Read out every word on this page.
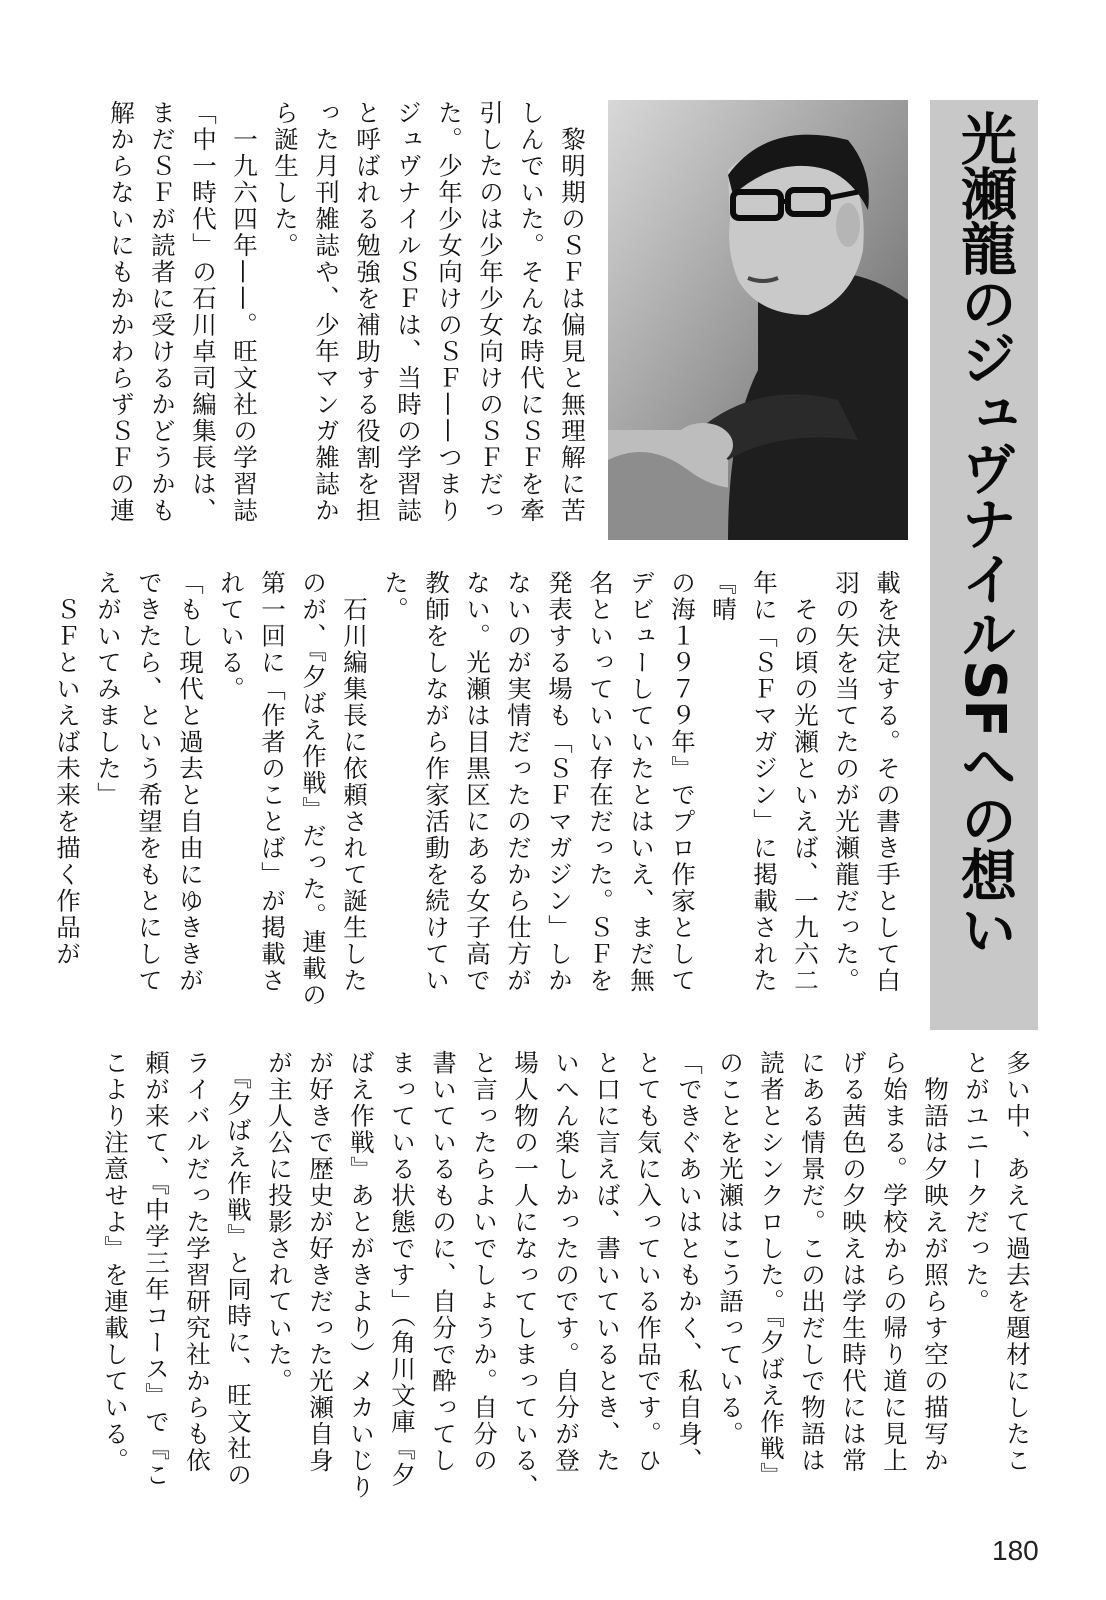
光瀬龍のジュヴナイルSFへの想い
　黎明期のＳＦは偏見と無理解に苦
しんでいた。そんな時代にＳＦを牽
引したのは少年少女向けのＳＦだっ
た。少年少女向けのＳＦ——つまり
ジュヴナイルＳＦは、当時の学習誌
と呼ばれる勉強を補助する役割を担
った月刊雑誌や、少年マンガ雑誌か
ら誕生した。
　一九六四年——。旺文社の学習誌
「中一時代」の石川卓司編集長は、
まだＳＦが読者に受けるかどうかも
解からないにもかかわらずＳＦの連
載を決定する。その書き手として白
羽の矢を当てたのが光瀬龍だった。
　その頃の光瀬といえば、一九六二
年に「ＳＦマガジン」に掲載された『晴
の海１９７９年』でプロ作家として
デビューしていたとはいえ、まだ無
名といっていい存在だった。ＳＦを
発表する場も「ＳＦマガジン」しか
ないのが実情だったのだから仕方が
ない。光瀬は目黒区にある女子高で
教師をしながら作家活動を続けてい
た。
　石川編集長に依頼されて誕生した
のが、『夕ばえ作戦』だった。連載の
第一回に「作者のことば」が掲載さ
れている。
「もし現代と過去と自由にゆききが
できたら、という希望をもとにして
えがいてみました」
　ＳＦといえば未来を描く作品が
多い中、あえて過去を題材にしたこ
とがユニークだった。
　物語は夕映えが照らす空の描写か
ら始まる。学校からの帰り道に見上
げる茜色の夕映えは学生時代には常
にある情景だ。この出だしで物語は
読者とシンクロした。『夕ばえ作戦』
のことを光瀬はこう語っている。
「できぐあいはともかく、私自身、
とても気に入っている作品です。ひ
と口に言えば、書いているとき、た
いへん楽しかったのです。自分が登
場人物の一人になってしまっている、
と言ったらよいでしょうか。自分の
書いているものに、自分で酔ってし
まっている状態です」（角川文庫『夕
ばえ作戦』あとがきより）メカいじり
が好きで歴史が好きだった光瀬自身
が主人公に投影されていた。
　『夕ばえ作戦』と同時に、旺文社の
ライバルだった学習研究社からも依
頼が来て、『中学三年コース』で『こ
こより注意せよ』を連載している。
180
